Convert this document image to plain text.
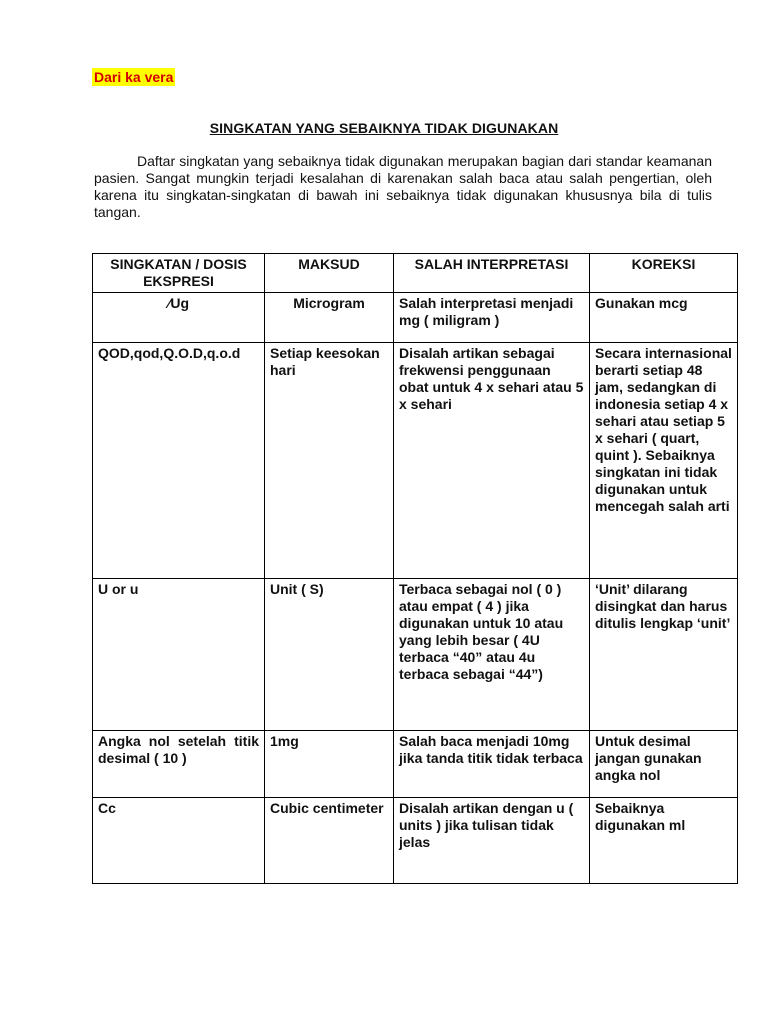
Dari ka vera
SINGKATAN YANG SEBAIKNYA TIDAK DIGUNAKAN

Daftar singkatan yang sebaiknya tidak digunakan merupakan bagian dari standar keamanan pasien. Sangat mungkin terjadi kesalahan di karenakan salah baca atau salah pengertian, oleh karena itu singkatan-singkatan di bawah ini sebaiknya tidak digunakan khususnya bila di tulis tangan.

SINGKATAN / DOSIS EKSPRESI	MAKSUD	SALAH INTERPRETASI	KOREKSI
∕Ug	Microgram	Salah interpretasi menjadi mg ( miligram )	Gunakan mcg
QOD,qod,Q.O.D,q.o.d	Setiap keesokan hari	Disalah artikan sebagai frekwensi penggunaan obat untuk 4 x sehari atau 5 x sehari	Secara internasional berarti setiap 48 jam, sedangkan di indonesia setiap 4 x sehari atau setiap 5 x sehari ( quart, quint ). Sebaiknya singkatan ini tidak digunakan untuk mencegah salah arti
U or u	Unit ( S)	Terbaca sebagai nol ( 0 ) atau empat ( 4 ) jika digunakan untuk 10 atau yang lebih besar ( 4U terbaca “40” atau 4u terbaca sebagai “44”)	‘Unit’ dilarang disingkat dan harus ditulis lengkap ‘unit’
Angka nol setelah titik desimal ( 10 )	1mg	Salah baca menjadi 10mg jika tanda titik tidak terbaca	Untuk desimal jangan gunakan angka nol
Cc	Cubic centimeter	Disalah artikan dengan u ( units ) jika tulisan tidak jelas	Sebaiknya digunakan ml
